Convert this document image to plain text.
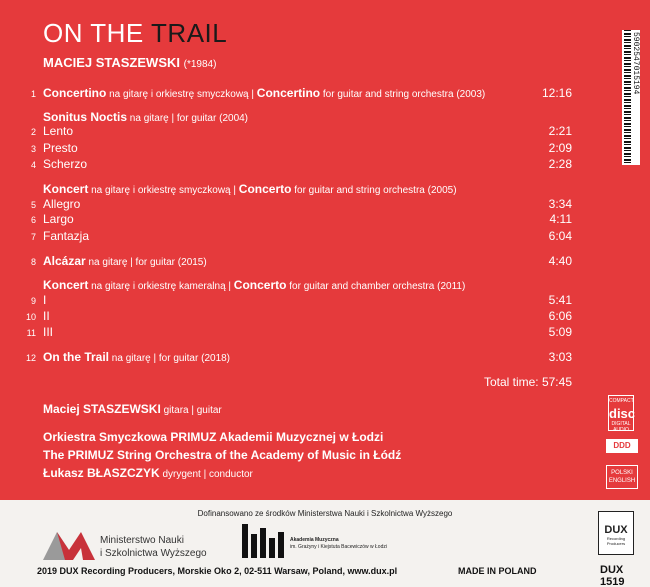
ON THE TRAIL
MACIEJ STASZEWSKI (*1984)
1 Concertino na gitarę i orkiestrę smyczkową | Concertino for guitar and string orchestra (2003)	12:16
Sonitus Noctis na gitarę | for guitar (2004)
2 Lento	2:21
3 Presto	2:09
4 Scherzo	2:28
Koncert na gitarę i orkiestrę smyczkową | Concerto for guitar and string orchestra (2005)
5 Allegro	3:34
6 Largo	4:11
7 Fantazja	6:04
8 Alcázar na gitarę | for guitar (2015)	4:40
Koncert na gitarę i orkiestrę kameralną | Concerto for guitar and chamber orchestra (2011)
9 I	5:41
10 II	6:06
11 III	5:09
12 On the Trail na gitarę | for guitar (2018)	3:03
Total time: 57:45
Maciej STASZEWSKI gitara | guitar
Orkiestra Smyczkowa PRIMUZ Akademii Muzycznej w Łodzi
The PRIMUZ String Orchestra of the Academy of Music in Łódź
Łukasz BŁASZCZYK dyrygent | conductor
5902547015194
COMPACT
disc
DIGITAL AUDIO
DDD
POLSKI
ENGLISH
Dofinansowano ze środków Ministerstwa Nauki i Szkolnictwa Wyższego
Ministerstwo Nauki
i Szkolnictwa Wyższego
Akademia Muzyczna
im. Grażyny i Kiejstuta Bacewiczów w Łodzi
DUX
Recording Producers
2019 DUX Recording Producers, Morskie Oko 2, 02-511 Warsaw, Poland, www.dux.pl	MADE IN POLAND	DUX 1519
